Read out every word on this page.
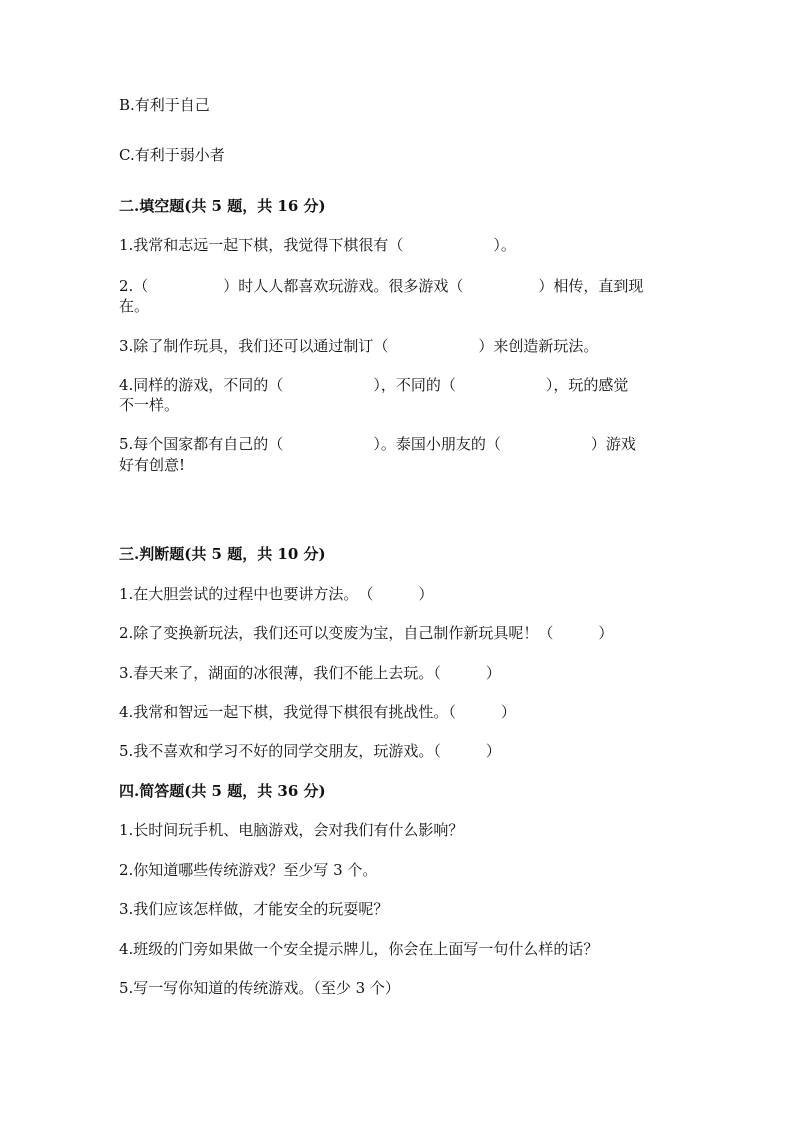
B.有利于自己
C.有利于弱小者
二.填空题(共 5 题，共 16 分)
1.我常和志远一起下棋，我觉得下棋很有（　　　　　　）。
2.（　　　　　）时人人都喜欢玩游戏。很多游戏（　　　　　）相传，直到现
在。
3.除了制作玩具，我们还可以通过制订（　　　　　　）来创造新玩法。
4.同样的游戏，不同的（　　　　　　），不同的（　　　　　　），玩的感觉
不一样。
5.每个国家都有自己的（　　　　　　）。泰国小朋友的（　　　　　　）游戏
好有创意!
三.判断题(共 5 题，共 10 分)
1.在大胆尝试的过程中也要讲方法。　（　　　）
2.除了变换新玩法，我们还可以变废为宝，自己制作新玩具呢！（　　　）
3.春天来了，湖面的冰很薄，我们不能上去玩。（　　　）
4.我常和智远一起下棋，我觉得下棋很有挑战性。（　　　）
5.我不喜欢和学习不好的同学交朋友，玩游戏。（　　　）
四.简答题(共 5 题，共 36 分)
1.长时间玩手机、电脑游戏，会对我们有什么影响？
2.你知道哪些传统游戏？至少写 3 个。
3.我们应该怎样做，才能安全的玩耍呢？
4.班级的门旁如果做一个安全提示牌儿，你会在上面写一句什么样的话？
5.写一写你知道的传统游戏。（至少 3 个）
